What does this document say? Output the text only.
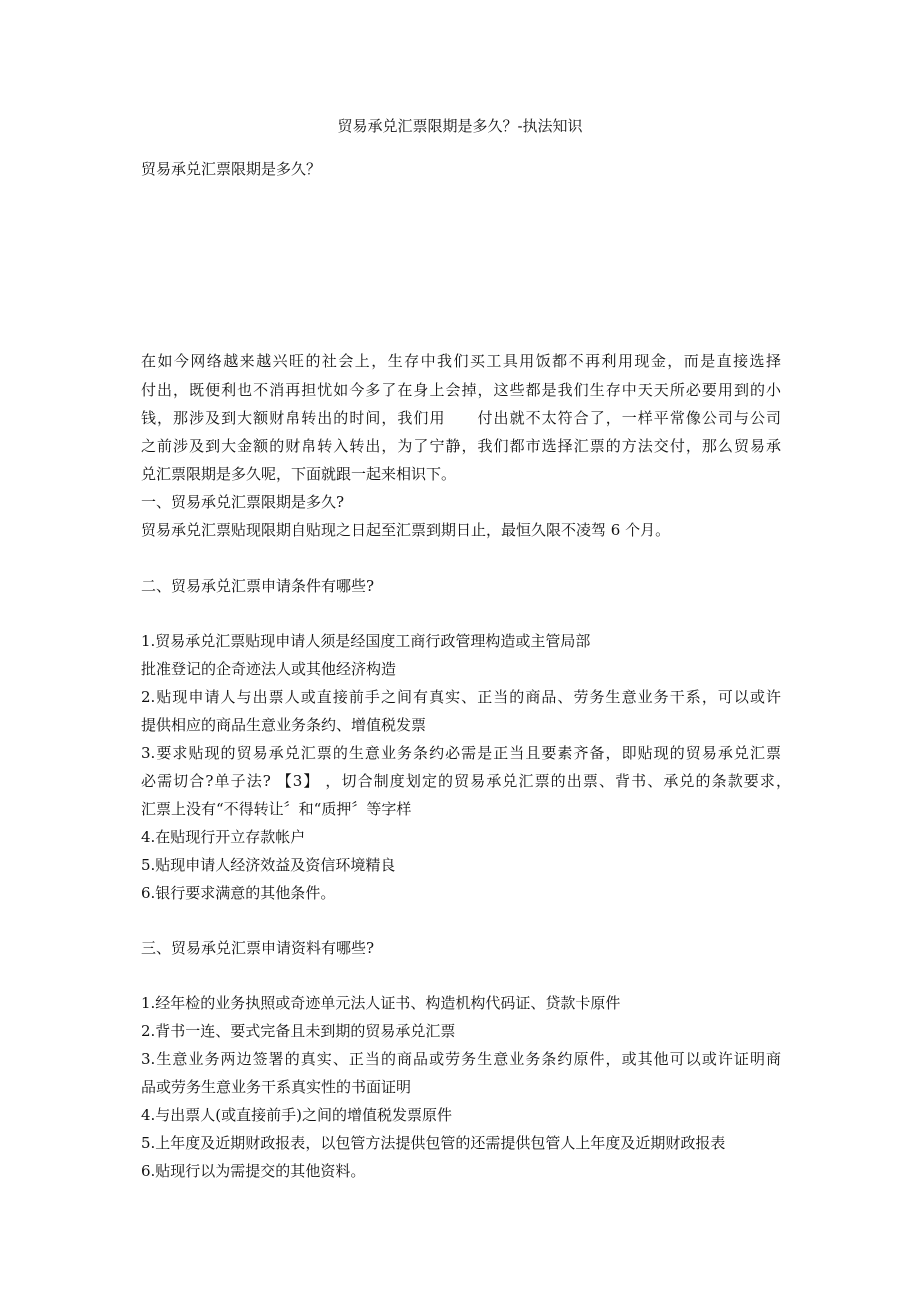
贸易承兑汇票限期是多久？-执法知识
贸易承兑汇票限期是多久？
在如今网络越来越兴旺的社会上，生存中我们买工具用饭都不再利用现金，而是直接选择
付出，既便利也不消再担忧如今多了在身上会掉，这些都是我们生存中天天所必要用到的小
钱，那涉及到大额财帛转出的时间，我们用　　付出就不太符合了，一样平常像公司与公司
之前涉及到大金额的财帛转入转出，为了宁静，我们都市选择汇票的方法交付，那么贸易承
兑汇票限期是多久呢，下面就跟一起来相识下。
一、贸易承兑汇票限期是多久?
贸易承兑汇票贴现限期自贴现之日起至汇票到期日止，最恒久限不凌驾 6 个月。
二、贸易承兑汇票申请条件有哪些?
1.贸易承兑汇票贴现申请人须是经国度工商行政管理构造或主管局部
批准登记的企奇迹法人或其他经济构造
2.贴现申请人与出票人或直接前手之间有真实、正当的商品、劳务生意业务干系，可以或许
提供相应的商品生意业务条约、增值税发票
3.要求贴现的贸易承兑汇票的生意业务条约必需是正当且要素齐备，即贴现的贸易承兑汇票
必需切合?单子法? 【3】 ，切合制度划定的贸易承兑汇票的出票、背书、承兑的条款要求，
汇票上没有“不得转让〞和“质押〞等字样
4.在贴现行开立存款帐户
5.贴现申请人经济效益及资信环境精良
6.银行要求满意的其他条件。
三、贸易承兑汇票申请资料有哪些?
1.经年检的业务执照或奇迹单元法人证书、构造机构代码证、贷款卡原件
2.背书一连、要式完备且未到期的贸易承兑汇票
3.生意业务两边签署的真实、正当的商品或劳务生意业务条约原件，或其他可以或许证明商
品或劳务生意业务干系真实性的书面证明
4.与出票人(或直接前手)之间的增值税发票原件
5.上年度及近期财政报表，以包管方法提供包管的还需提供包管人上年度及近期财政报表
6.贴现行以为需提交的其他资料。
